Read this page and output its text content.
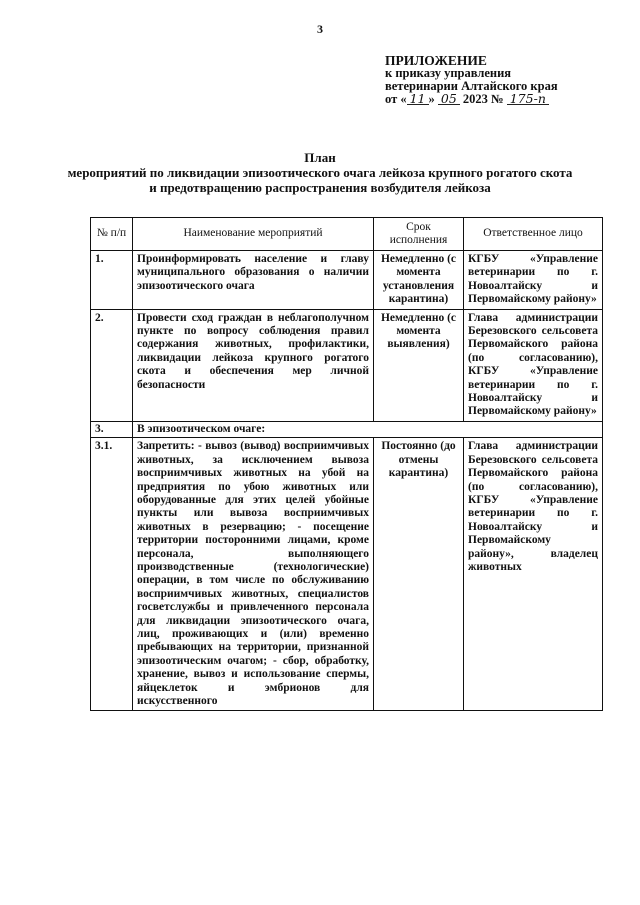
3
ПРИЛОЖЕНИЕ
к приказу управления
ветеринарии Алтайского края
от « 11 » 05 2023 № 175-п
План
мероприятий по ликвидации эпизоотического очага лейкоза крупного рогатого скота
и предотвращению распространения возбудителя лейкоза
№ п/п	Наименование мероприятий	Срок исполнения	Ответственное лицо
1.	Проинформировать население и главу муниципального образования о наличии эпизоотического очага	Немедленно (с момента установления карантина)	КГБУ «Управление ветеринарии по г. Новоалтайску и Первомайскому району»
2.	Провести сход граждан в неблагополучном пункте по вопросу соблюдения правил содержания животных, профилактики, ликвидации лейкоза крупного рогатого скота и обеспечения мер личной безопасности	Немедленно (с момента выявления)	Глава администрации Березовского сельсовета Первомайского района (по согласованию), КГБУ «Управление ветеринарии по г. Новоалтайску и Первомайскому району»
3.	В эпизоотическом очаге:		
3.1.	Запретить: - вывоз (вывод) восприимчивых животных, за исключением вывоза восприимчивых животных на убой на предприятия по убою животных или оборудованные для этих целей убойные пункты или вывоза восприимчивых животных в резервацию; - посещение территории посторонними лицами, кроме персонала, выполняющего производственные (технологические) операции, в том числе по обслуживанию восприимчивых животных, специалистов госветслужбы и привлеченного персонала для ликвидации эпизоотического очага, лиц, проживающих и (или) временно пребывающих на территории, признанной эпизоотическим очагом; - сбор, обработку, хранение, вывоз и использование спермы, яйцеклеток и эмбрионов для искусственного	Постоянно (до отмены карантина)	Глава администрации Березовского сельсовета Первомайского района (по согласованию), КГБУ «Управление ветеринарии по г. Новоалтайску и Первомайскому району», владелец животных
